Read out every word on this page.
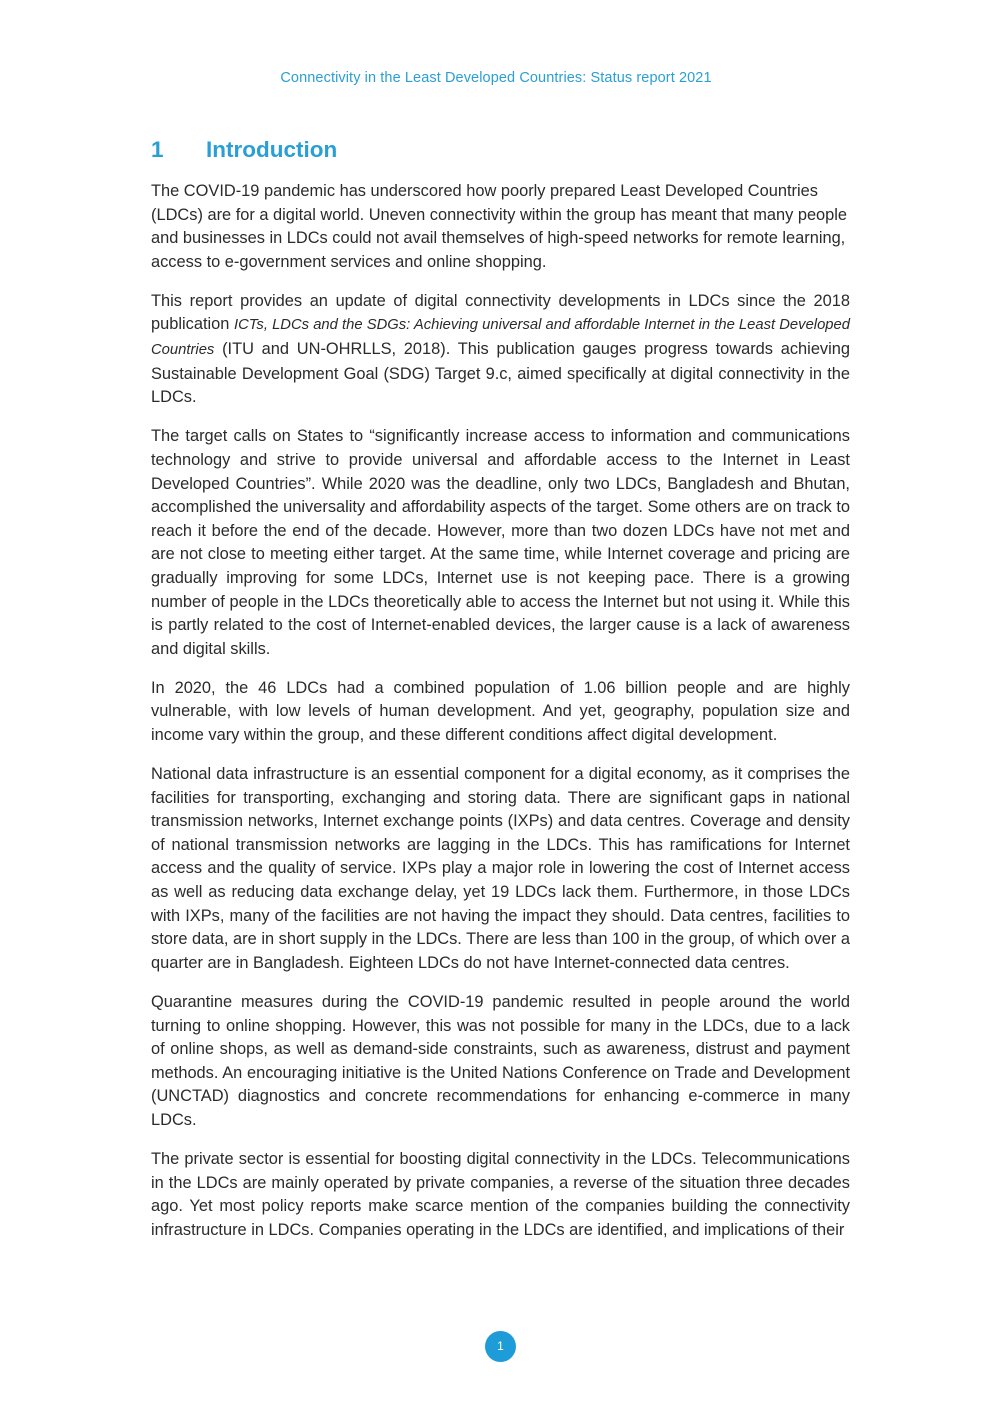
Connectivity in the Least Developed Countries: Status report 2021
1	Introduction

The COVID-19 pandemic has underscored how poorly prepared Least Developed Countries (LDCs) are for a digital world. Uneven connectivity within the group has meant that many people and businesses in LDCs could not avail themselves of high-speed networks for remote learning, access to e-government services and online shopping.

This report provides an update of digital connectivity developments in LDCs since the 2018 publication ICTs, LDCs and the SDGs: Achieving universal and affordable Internet in the Least Developed Countries (ITU and UN-OHRLLS, 2018). This publication gauges progress towards achieving Sustainable Development Goal (SDG) Target 9.c, aimed specifically at digital connectivity in the LDCs.

The target calls on States to “significantly increase access to information and communications technology and strive to provide universal and affordable access to the Internet in Least Developed Countries”. While 2020 was the deadline, only two LDCs, Bangladesh and Bhutan, accomplished the universality and affordability aspects of the target. Some others are on track to reach it before the end of the decade. However, more than two dozen LDCs have not met and are not close to meeting either target. At the same time, while Internet coverage and pricing are gradually improving for some LDCs, Internet use is not keeping pace. There is a growing number of people in the LDCs theoretically able to access the Internet but not using it. While this is partly related to the cost of Internet-enabled devices, the larger cause is a lack of awareness and digital skills.

In 2020, the 46 LDCs had a combined population of 1.06 billion people and are highly vulnerable, with low levels of human development. And yet, geography, population size and income vary within the group, and these different conditions affect digital development.

National data infrastructure is an essential component for a digital economy, as it comprises the facilities for transporting, exchanging and storing data. There are significant gaps in national transmission networks, Internet exchange points (IXPs) and data centres. Coverage and density of national transmission networks are lagging in the LDCs. This has ramifications for Internet access and the quality of service. IXPs play a major role in lowering the cost of Internet access as well as reducing data exchange delay, yet 19 LDCs lack them. Furthermore, in those LDCs with IXPs, many of the facilities are not having the impact they should. Data centres, facilities to store data, are in short supply in the LDCs. There are less than 100 in the group, of which over a quarter are in Bangladesh. Eighteen LDCs do not have Internet-connected data centres.

Quarantine measures during the COVID-19 pandemic resulted in people around the world turning to online shopping. However, this was not possible for many in the LDCs, due to a lack of online shops, as well as demand-side constraints, such as awareness, distrust and payment methods. An encouraging initiative is the United Nations Conference on Trade and Development (UNCTAD) diagnostics and concrete recommendations for enhancing e-commerce in many LDCs.

The private sector is essential for boosting digital connectivity in the LDCs. Telecommunications in the LDCs are mainly operated by private companies, a reverse of the situation three decades ago. Yet most policy reports make scarce mention of the companies building the connectivity infrastructure in LDCs. Companies operating in the LDCs are identified, and implications of their

1
